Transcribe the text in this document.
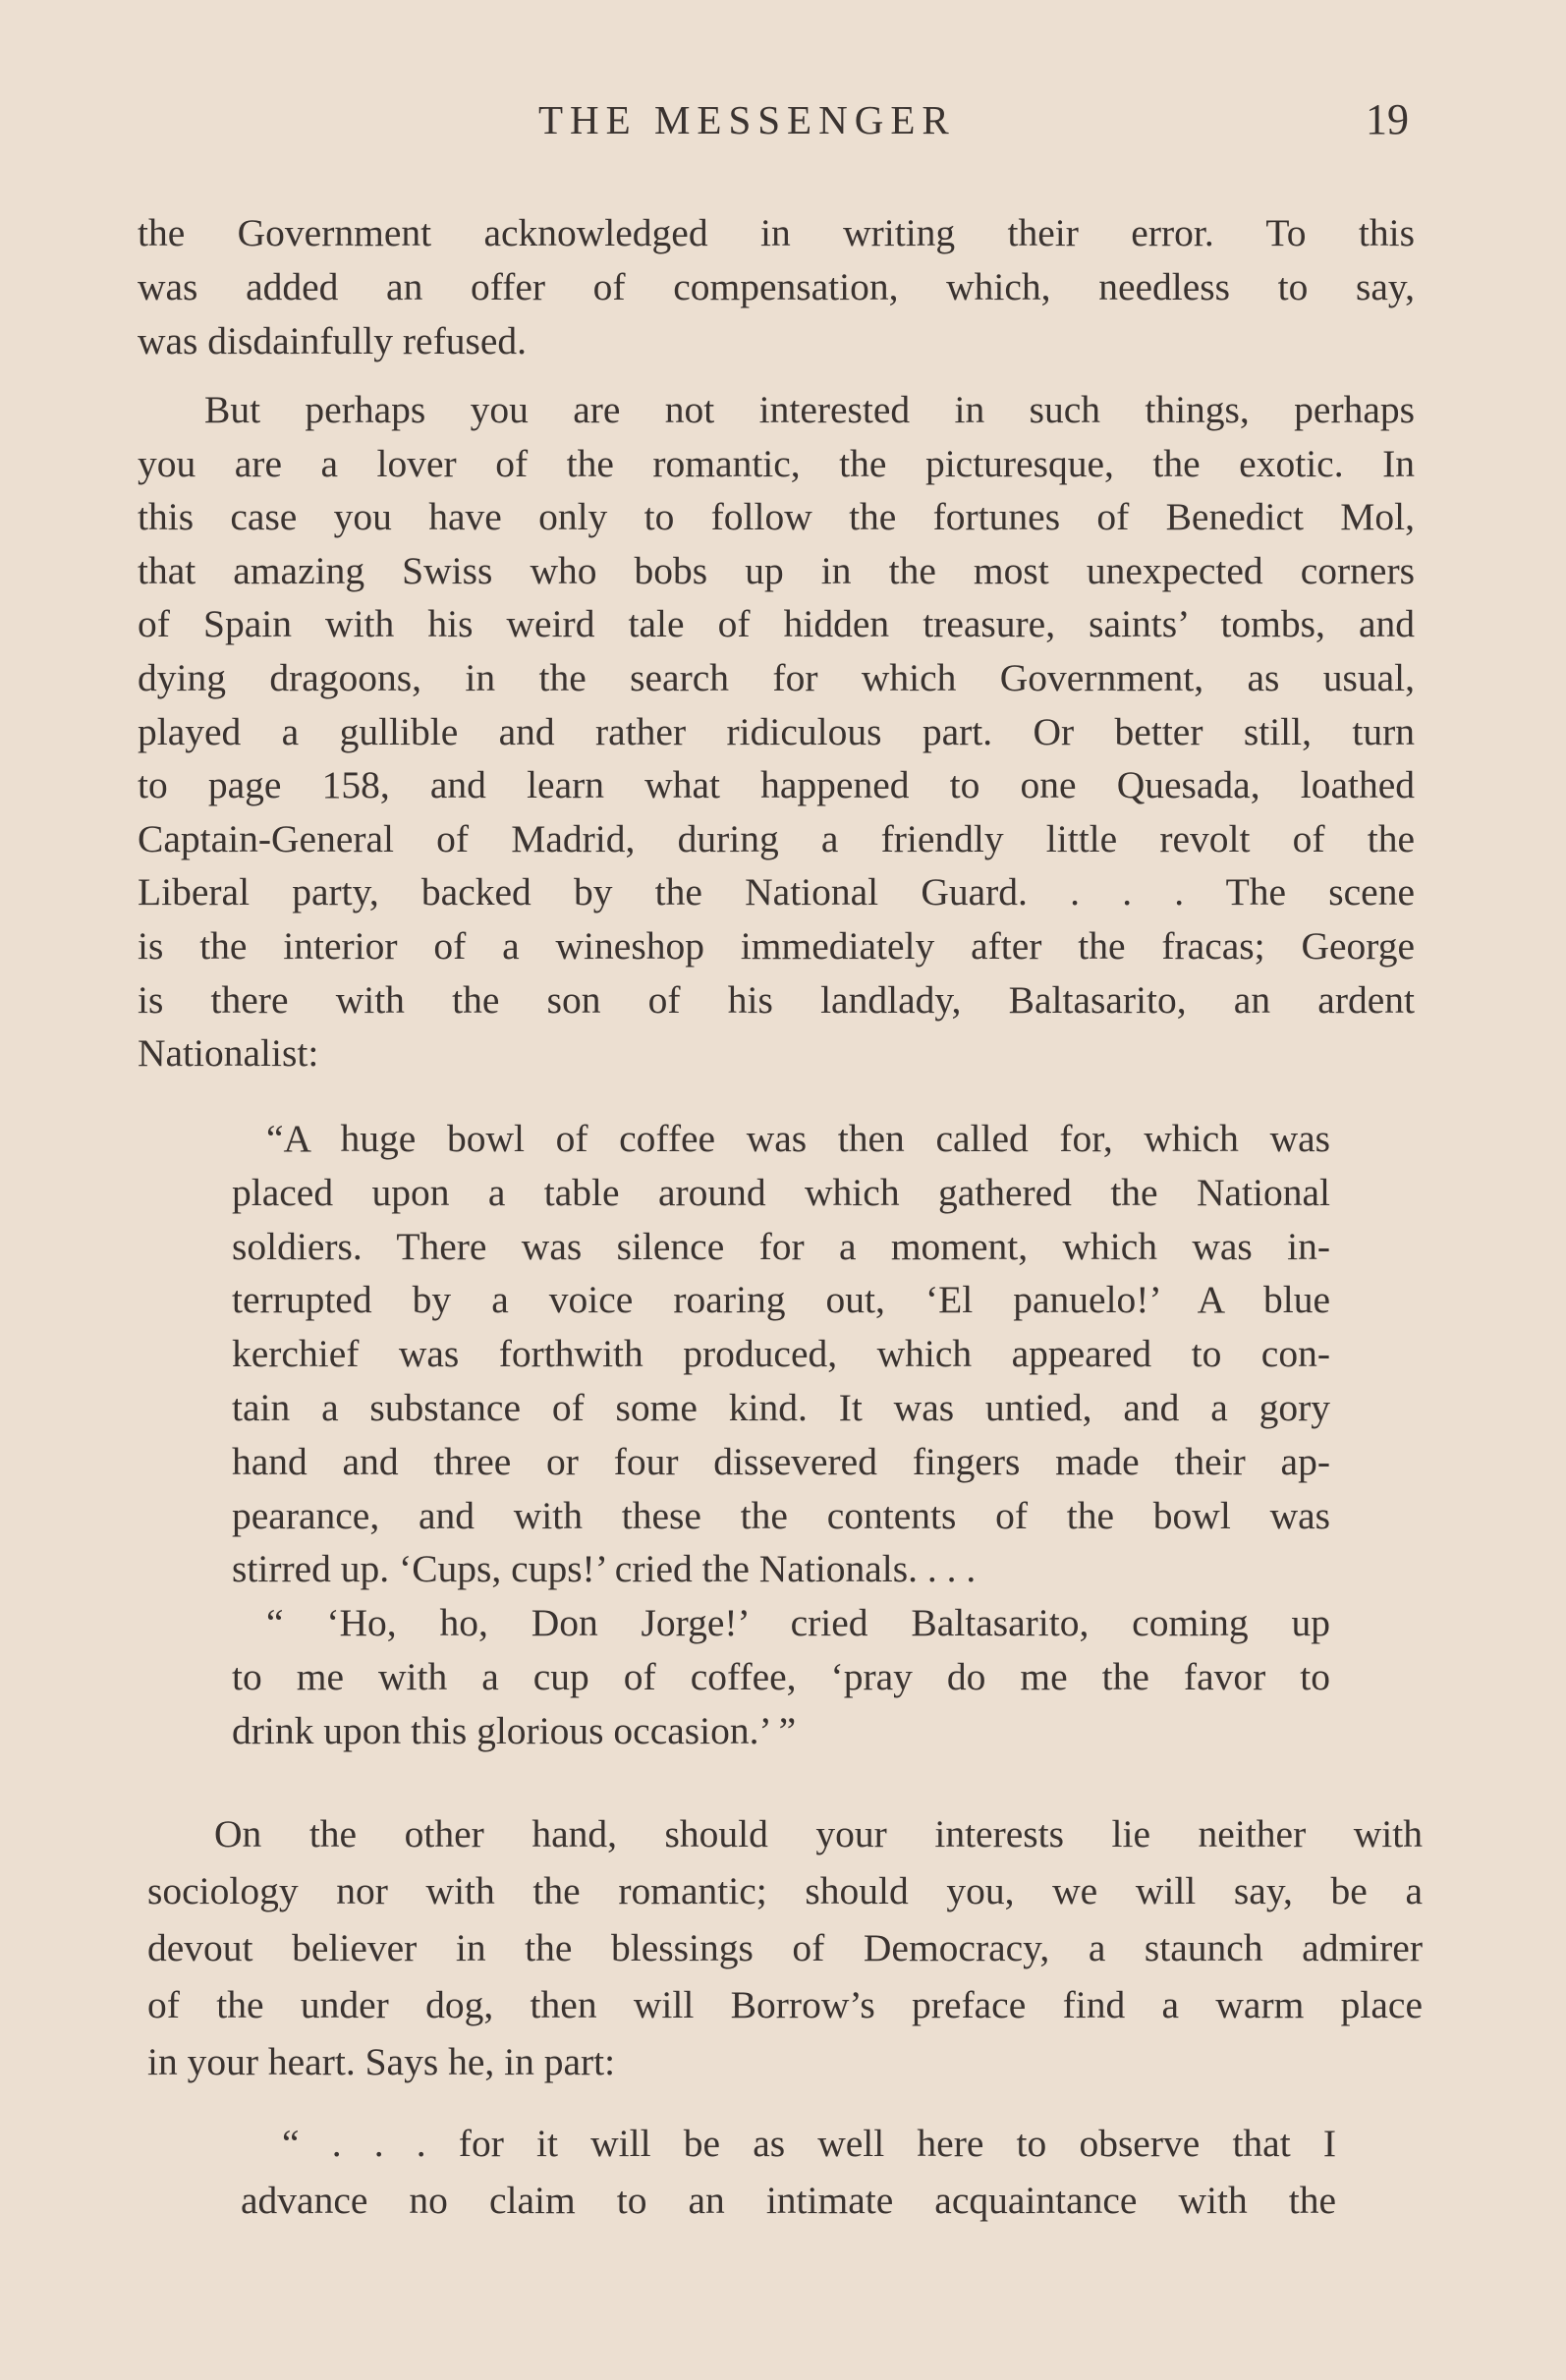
THE MESSENGER	19
the Government acknowledged in writing their error. To this
was added an offer of compensation, which, needless to say,
was disdainfully refused.
But perhaps you are not interested in such things, perhaps
you are a lover of the romantic, the picturesque, the exotic. In
this case you have only to follow the fortunes of Benedict Mol,
that amazing Swiss who bobs up in the most unexpected corners
of Spain with his weird tale of hidden treasure, saints’ tombs, and
dying dragoons, in the search for which Government, as usual,
played a gullible and rather ridiculous part. Or better still, turn
to page 158, and learn what happened to one Quesada, loathed
Captain-General of Madrid, during a friendly little revolt of the
Liberal party, backed by the National Guard. . . . The scene
is the interior of a wineshop immediately after the fracas; George
is there with the son of his landlady, Baltasarito, an ardent
Nationalist:
“A huge bowl of coffee was then called for, which was
placed upon a table around which gathered the National
soldiers. There was silence for a moment, which was in-
terrupted by a voice roaring out, ‘El panuelo!’ A blue
kerchief was forthwith produced, which appeared to con-
tain a substance of some kind. It was untied, and a gory
hand and three or four dissevered fingers made their ap-
pearance, and with these the contents of the bowl was
stirred up. ‘Cups, cups!’ cried the Nationals. . . .
“ ‘Ho, ho, Don Jorge!’ cried Baltasarito, coming up
to me with a cup of coffee, ‘pray do me the favor to
drink upon this glorious occasion.’ ”
On the other hand, should your interests lie neither with
sociology nor with the romantic; should you, we will say, be a
devout believer in the blessings of Democracy, a staunch admirer
of the under dog, then will Borrow’s preface find a warm place
in your heart. Says he, in part:
“ . . . for it will be as well here to observe that I
advance no claim to an intimate acquaintance with the
